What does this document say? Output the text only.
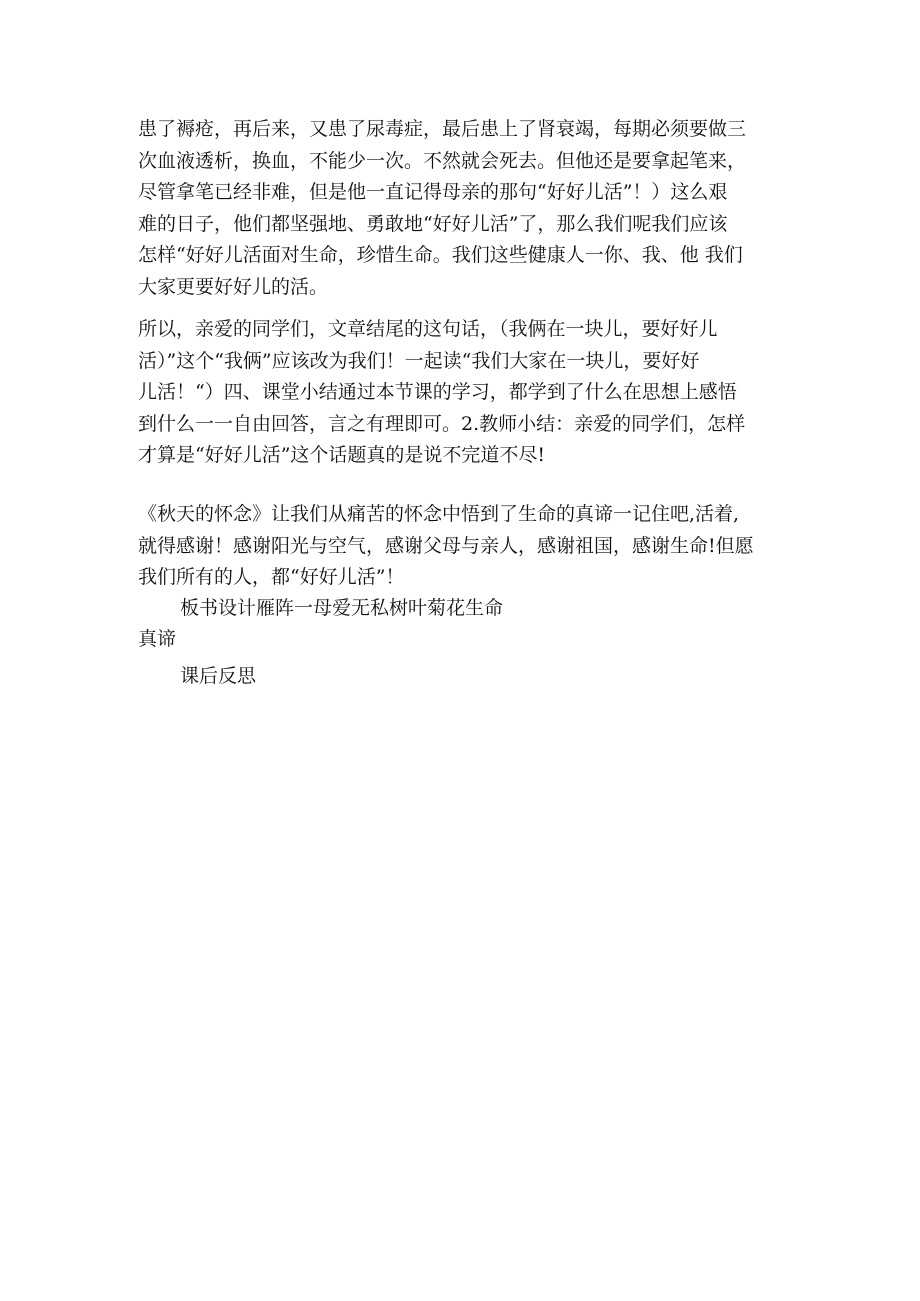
患了褥疮，再后来，又患了尿毒症，最后患上了肾衰竭，每期必须要做三
次血液透析，换血，不能少一次。不然就会死去。但他还是要拿起笔来，
尽管拿笔已经非难，但是他一直记得母亲的那句“好好儿活”！）这么艰
难的日子，他们都坚强地、勇敢地“好好儿活”了，那么我们呢我们应该
怎样“好好儿活面对生命，珍惜生命。我们这些健康人一你、我、他 我们
大家更要好好儿的活。
所以，亲爱的同学们，文章结尾的这句话，（我俩在一块儿，要好好儿
活）”这个“我俩”应该改为我们！一起读“我们大家在一块儿，要好好
儿活！“）四、课堂小结通过本节课的学习，都学到了什么在思想上感悟
到什么一一自由回答，言之有理即可。2.教师小结：亲爱的同学们，怎样
才算是“好好儿活”这个话题真的是说不完道不尽!
《秋天的怀念》让我们从痛苦的怀念中悟到了生命的真谛一记住吧,活着,
就得感谢！感谢阳光与空气，感谢父母与亲人，感谢祖国，感谢生命!但愿
我们所有的人，都“好好儿活”！
板书设计雁阵一母爱无私树叶菊花生命
真谛
课后反思
